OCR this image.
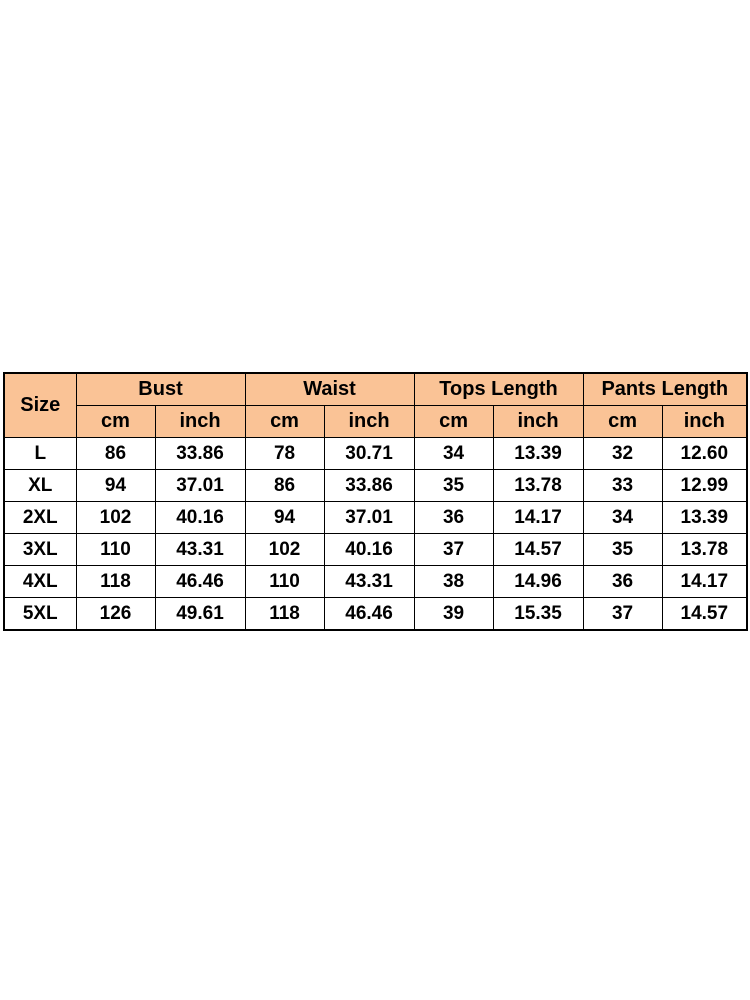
Size	Bust		Waist		Tops Length		Pants Length	
	cm	inch	cm	inch	cm	inch	cm	inch
L	86	33.86	78	30.71	34	13.39	32	12.60
XL	94	37.01	86	33.86	35	13.78	33	12.99
2XL	102	40.16	94	37.01	36	14.17	34	13.39
3XL	110	43.31	102	40.16	37	14.57	35	13.78
4XL	118	46.46	110	43.31	38	14.96	36	14.17
5XL	126	49.61	118	46.46	39	15.35	37	14.57
